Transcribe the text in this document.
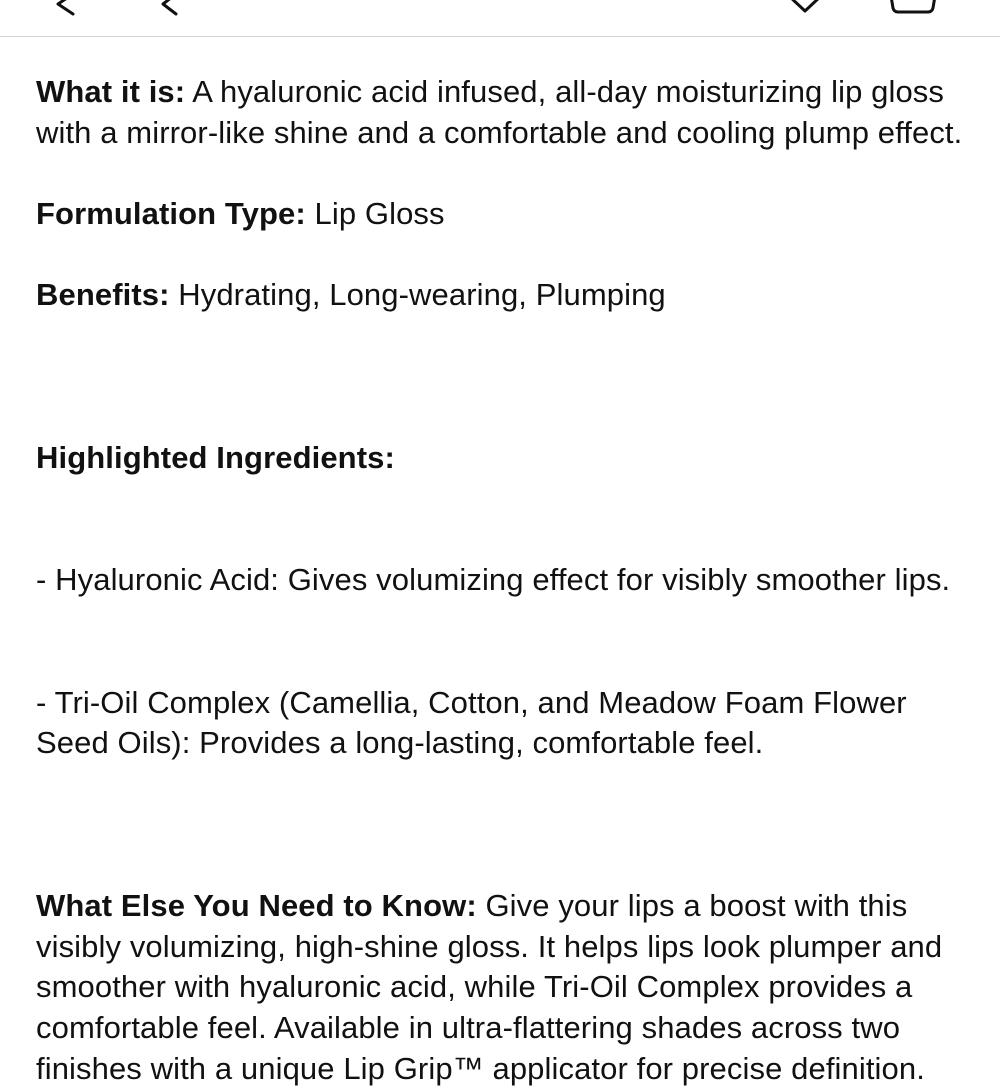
What it is: A hyaluronic acid infused, all-day moisturizing lip gloss with a mirror-like shine and a comfortable and cooling plump effect.

Formulation Type: Lip Gloss

Benefits: Hydrating, Long-wearing, Plumping

Highlighted Ingredients:

- Hyaluronic Acid: Gives volumizing effect for visibly smoother lips.

- Tri-Oil Complex (Camellia, Cotton, and Meadow Foam Flower Seed Oils): Provides a long-lasting, comfortable feel.

What Else You Need to Know: Give your lips a boost with this visibly volumizing, high-shine gloss. It helps lips look plumper and smoother with hyaluronic acid, while Tri-Oil Complex provides a comfortable feel. Available in ultra-flattering shades across two finishes with a unique Lip Grip™ applicator for precise definition.
